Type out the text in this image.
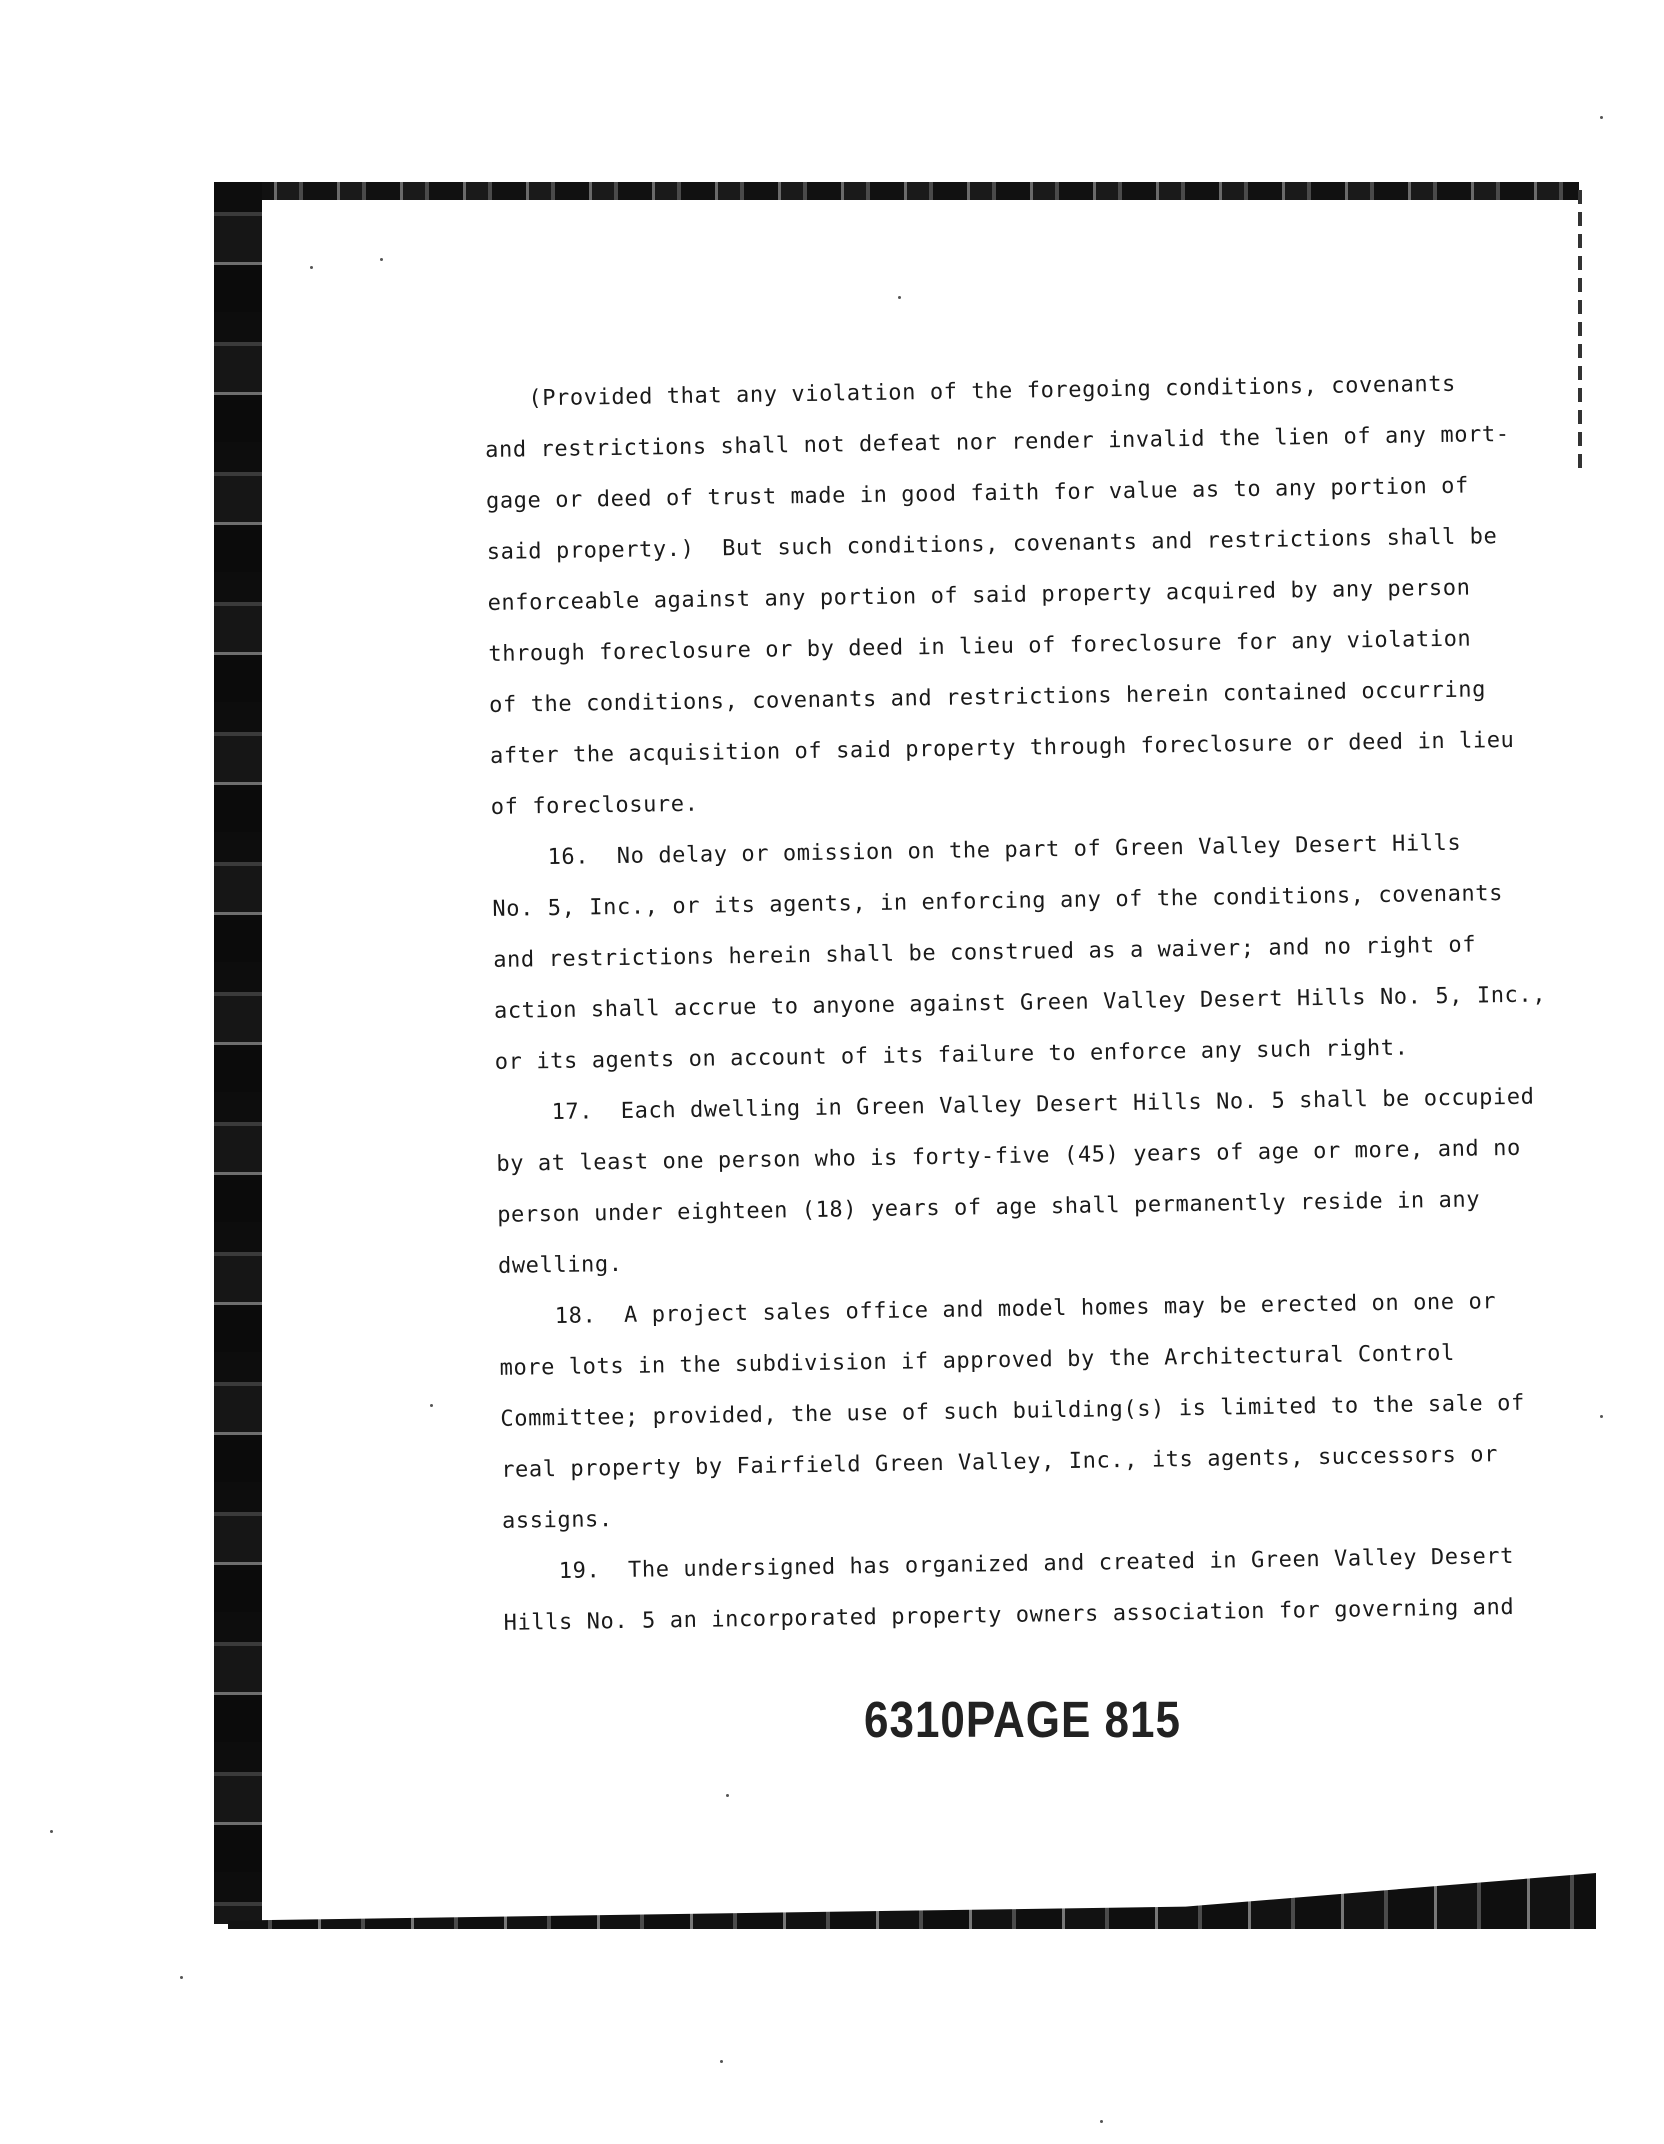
(Provided that any violation of the foregoing conditions, covenants
and restrictions shall not defeat nor render invalid the lien of any mort-
gage or deed of trust made in good faith for value as to any portion of
said property.)  But such conditions, covenants and restrictions shall be
enforceable against any portion of said property acquired by any person
through foreclosure or by deed in lieu of foreclosure for any violation
of the conditions, covenants and restrictions herein contained occurring
after the acquisition of said property through foreclosure or deed in lieu
of foreclosure.
16.  No delay or omission on the part of Green Valley Desert Hills
No. 5, Inc., or its agents, in enforcing any of the conditions, covenants
and restrictions herein shall be construed as a waiver; and no right of
action shall accrue to anyone against Green Valley Desert Hills No. 5, Inc.,
or its agents on account of its failure to enforce any such right.
17.  Each dwelling in Green Valley Desert Hills No. 5 shall be occupied
by at least one person who is forty-five (45) years of age or more, and no
person under eighteen (18) years of age shall permanently reside in any
dwelling.
18.  A project sales office and model homes may be erected on one or
more lots in the subdivision if approved by the Architectural Control
Committee; provided, the use of such building(s) is limited to the sale of
real property by Fairfield Green Valley, Inc., its agents, successors or
assigns.
19.  The undersigned has organized and created in Green Valley Desert
Hills No. 5 an incorporated property owners association for governing and
6310PAGE 815
